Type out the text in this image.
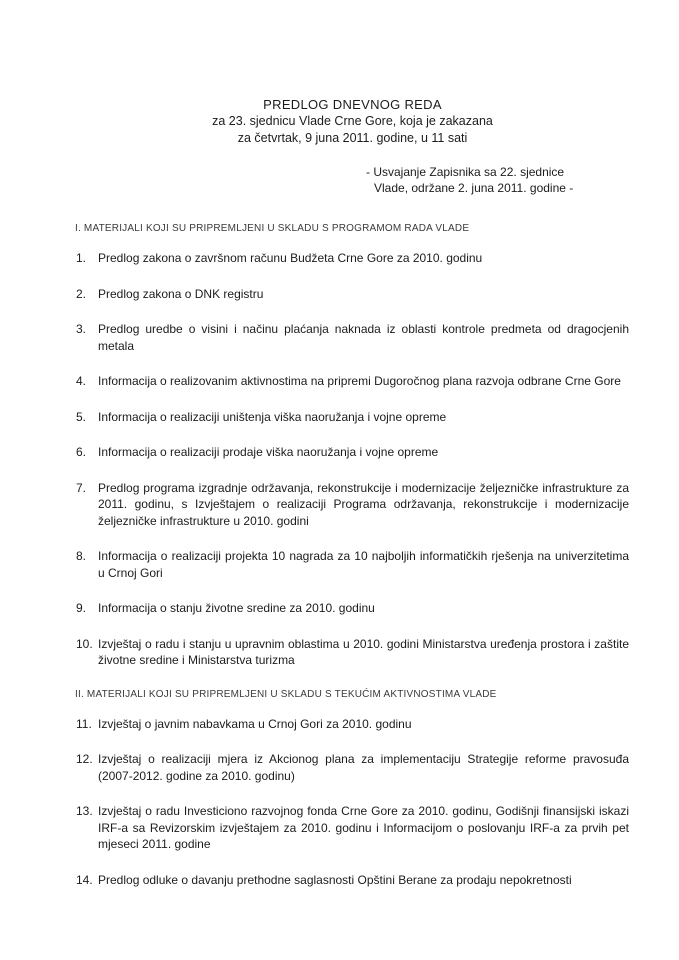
PREDLOG DNEVNOG REDA
za 23. sjednicu Vlade Crne Gore, koja je zakazana
za četvrtak, 9 juna 2011. godine, u 11 sati
- Usvajanje Zapisnika sa 22. sjednice
Vlade, održane 2. juna 2011. godine -
I. MATERIJALI KOJI SU PRIPREMLJENI U SKLADU S PROGRAMOM RADA VLADE
1. Predlog zakona o završnom računu Budžeta Crne Gore za 2010. godinu
2. Predlog zakona o DNK registru
3. Predlog uredbe o visini i načinu plaćanja naknada iz oblasti kontrole predmeta od dragocjenih metala
4. Informacija o realizovanim aktivnostima na pripremi Dugoročnog plana razvoja odbrane Crne Gore
5. Informacija o realizaciji uništenja viška naoružanja i vojne opreme
6. Informacija o realizaciji prodaje viška naoružanja i vojne opreme
7. Predlog programa izgradnje održavanja, rekonstrukcije i modernizacije željezničke infrastrukture za 2011. godinu, s Izvještajem o realizaciji Programa održavanja, rekonstrukcije i modernizacije željezničke infrastrukture u 2010. godini
8. Informacija o realizaciji projekta 10 nagrada za 10 najboljih informatičkih rješenja na univerzitetima u Crnoj Gori
9. Informacija o stanju životne sredine za 2010. godinu
10. Izvještaj o radu i stanju u upravnim oblastima u 2010. godini Ministarstva uređenja prostora i zaštite životne sredine i Ministarstva turizma
II. MATERIJALI KOJI SU PRIPREMLJENI U SKLADU S TEKUĆIM AKTIVNOSTIMA VLADE
11. Izvještaj o javnim nabavkama u Crnoj Gori za 2010. godinu
12. Izvještaj o realizaciji mjera iz Akcionog plana za implementaciju Strategije reforme pravosuđa (2007-2012. godine za 2010. godinu)
13. Izvještaj o radu Investiciono razvojnog fonda Crne Gore za 2010. godinu, Godišnji finansijski iskazi IRF-a sa Revizorskim izvještajem za 2010. godinu i Informacijom o poslovanju IRF-a za prvih pet mjeseci 2011. godine
14. Predlog odluke o davanju prethodne saglasnosti Opštini Berane za prodaju nepokretnosti
